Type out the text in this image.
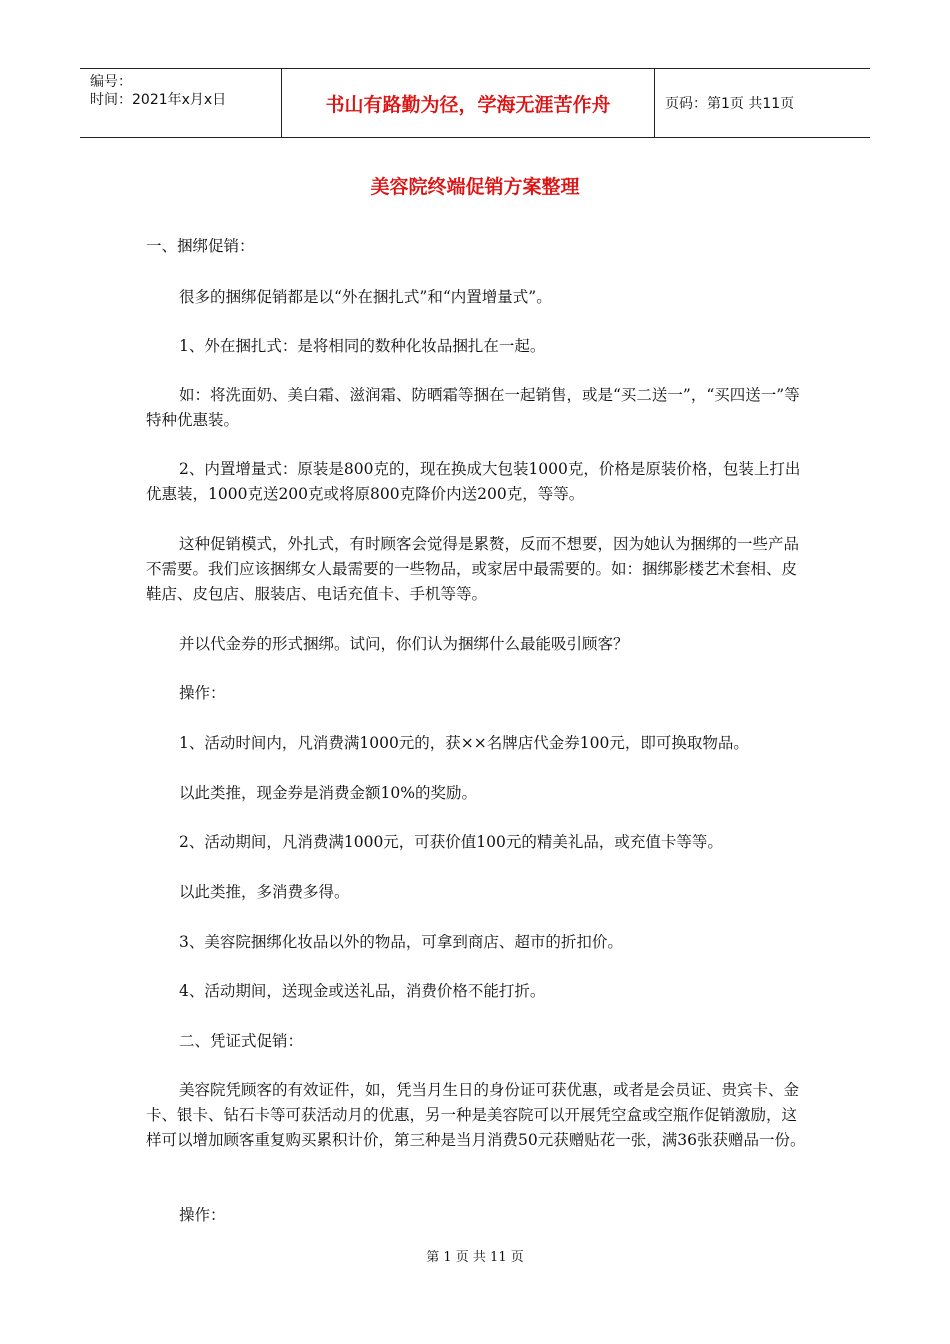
编号：
时间：2021年x月x日	书山有路勤为径，学海无涯苦作舟	页码：第1页 共11页
美容院终端促销方案整理

一、捆绑促销：

很多的捆绑促销都是以“外在捆扎式”和“内置增量式”。

1、外在捆扎式：是将相同的数种化妆品捆扎在一起。

如：将洗面奶、美白霜、滋润霜、防晒霜等捆在一起销售，或是“买二送一”，“买四送一”等特种优惠装。

2、内置增量式：原装是800克的，现在换成大包装1000克，价格是原装价格，包装上打出优惠装，1000克送200克或将原800克降价内送200克，等等。

这种促销模式，外扎式，有时顾客会觉得是累赘，反而不想要，因为她认为捆绑的一些产品不需要。我们应该捆绑女人最需要的一些物品，或家居中最需要的。如：捆绑影楼艺术套相、皮鞋店、皮包店、服装店、电话充值卡、手机等等。

并以代金券的形式捆绑。试问，你们认为捆绑什么最能吸引顾客？

操作：

1、活动时间内，凡消费满1000元的，获××名牌店代金券100元，即可换取物品。

以此类推，现金券是消费金额10%的奖励。

2、活动期间，凡消费满1000元，可获价值100元的精美礼品，或充值卡等等。

以此类推，多消费多得。

3、美容院捆绑化妆品以外的物品，可拿到商店、超市的折扣价。

4、活动期间，送现金或送礼品，消费价格不能打折。

二、凭证式促销：

美容院凭顾客的有效证件，如，凭当月生日的身份证可获优惠，或者是会员证、贵宾卡、金卡、银卡、钻石卡等可获活动月的优惠，另一种是美容院可以开展凭空盒或空瓶作促销激励，这样可以增加顾客重复购买累积计价，第三种是当月消费50元获赠贴花一张，满36张获赠品一份。

操作：

第 1 页 共 11 页
